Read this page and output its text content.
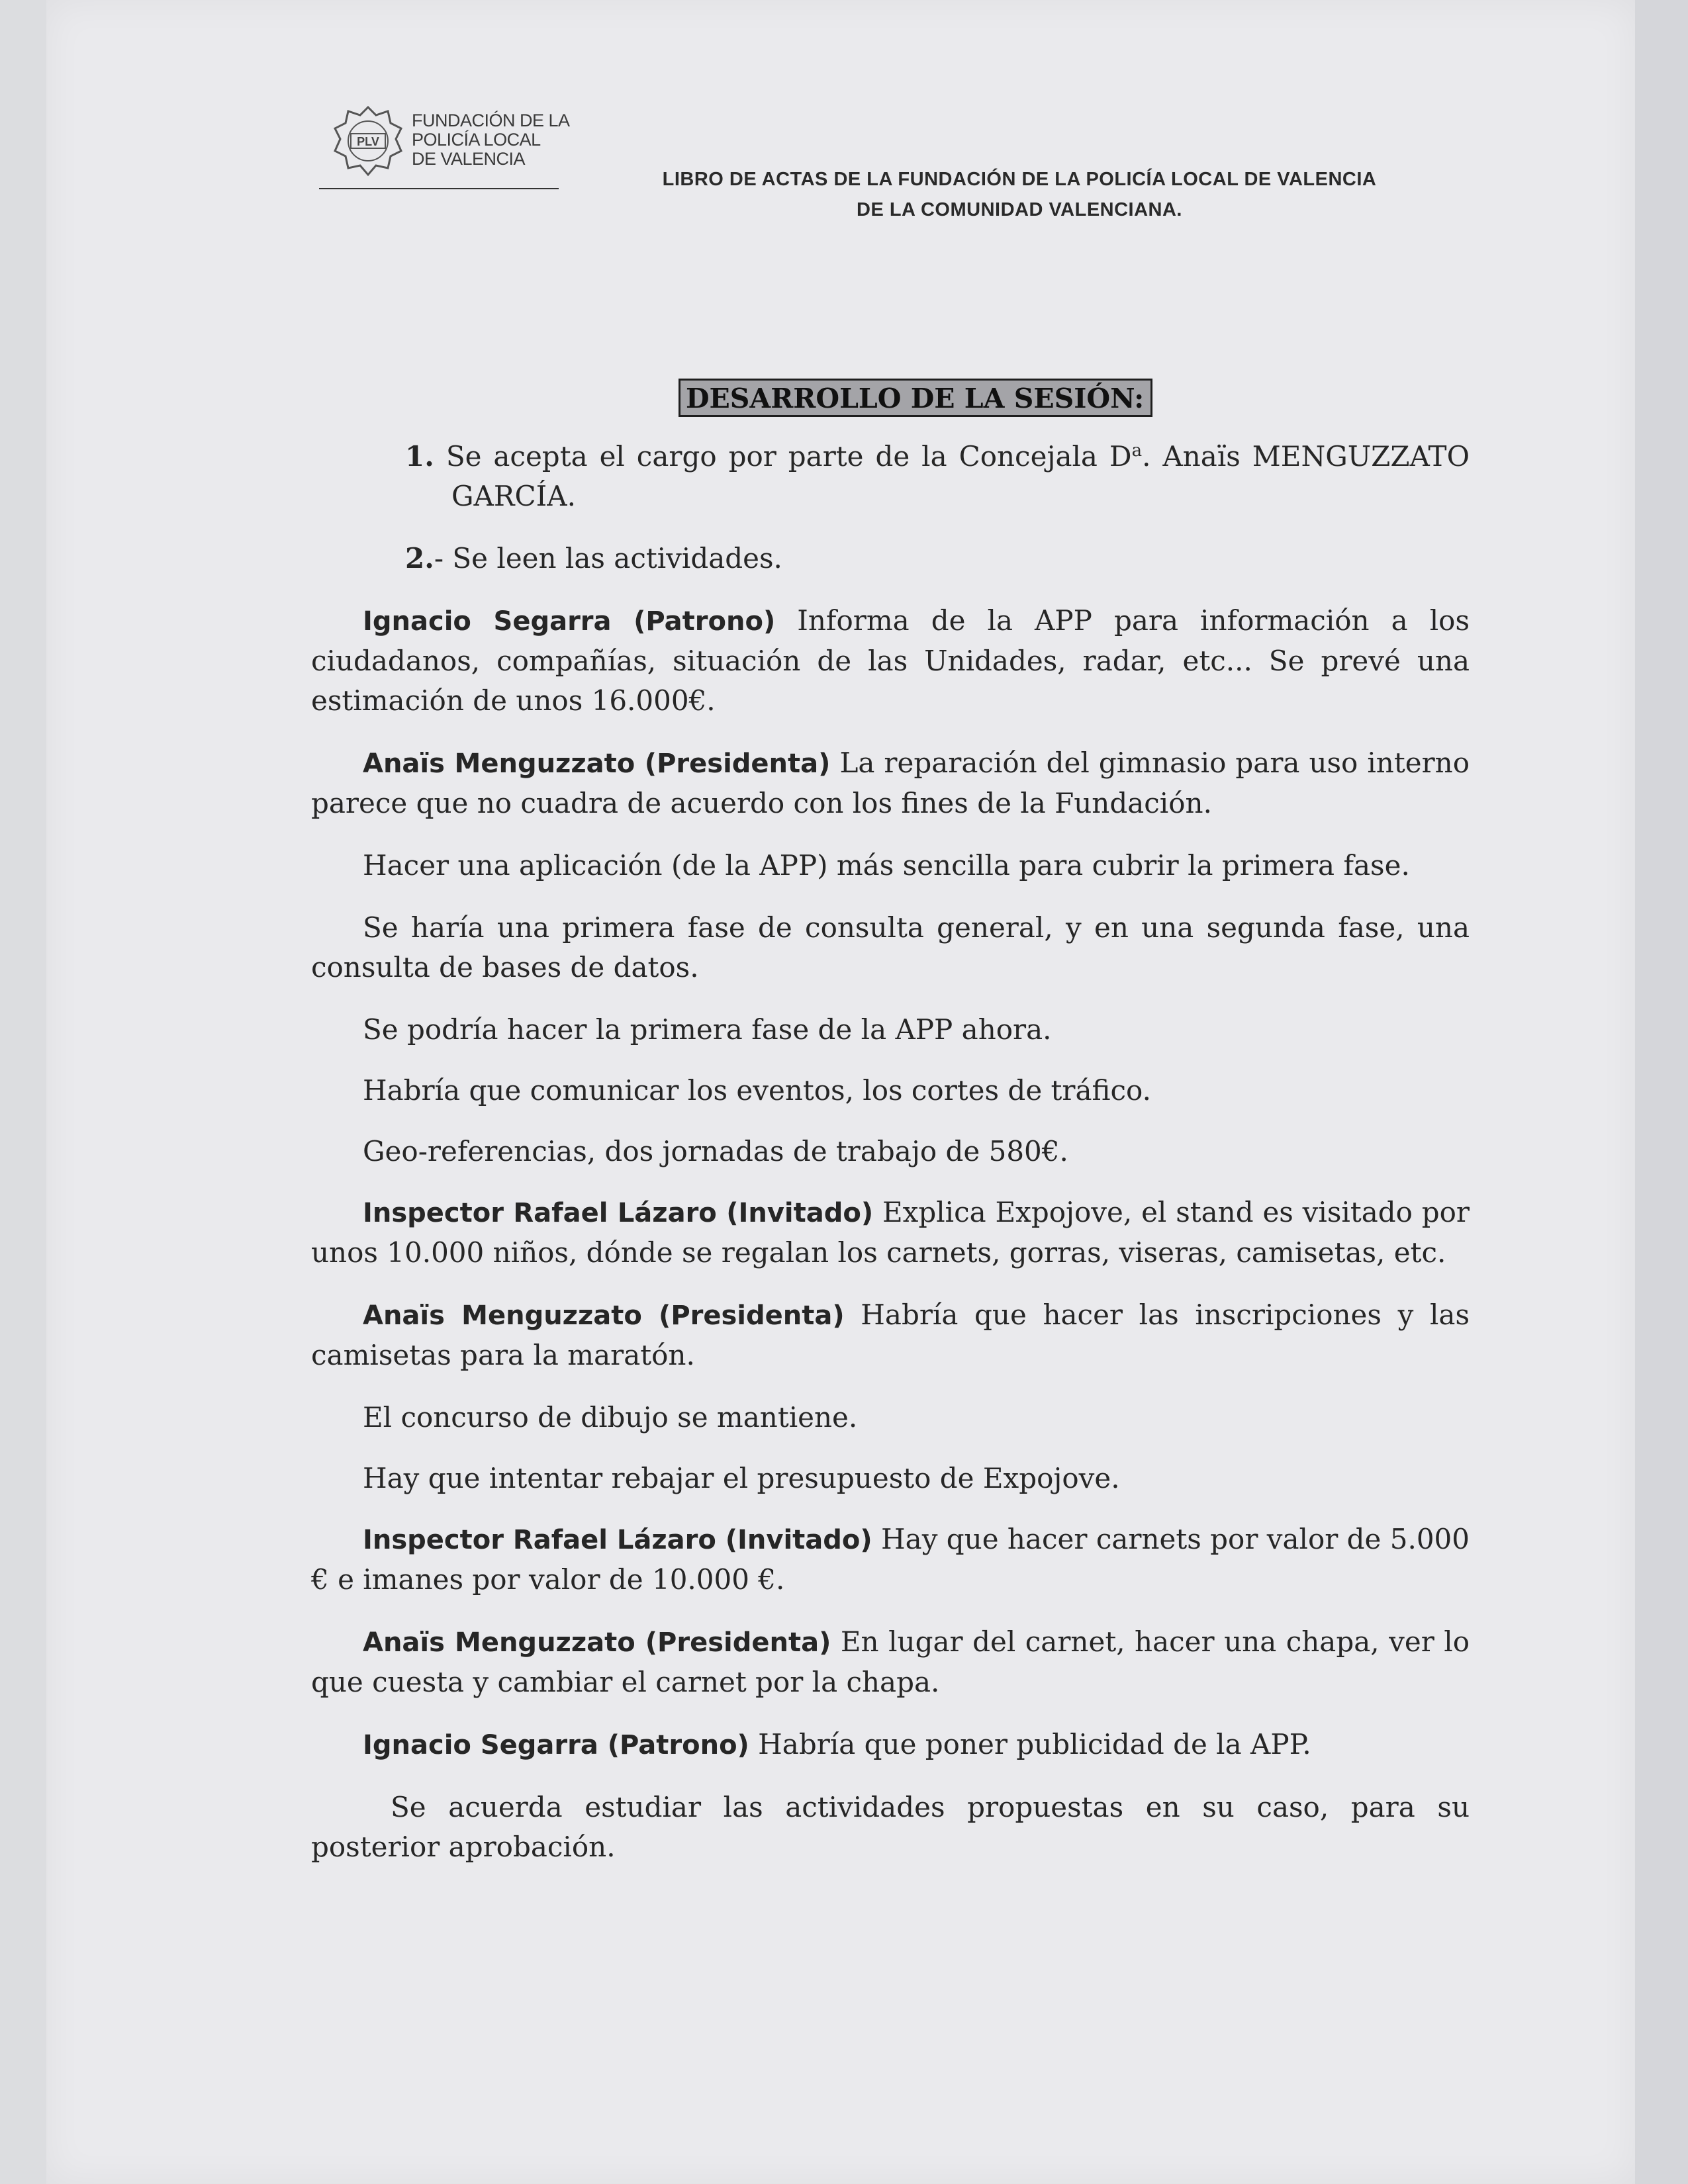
PLV
FUNDACIÓN DE LA
POLICÍA LOCAL
DE VALENCIA
LIBRO DE ACTAS DE LA FUNDACIÓN DE LA POLICÍA LOCAL DE VALENCIA
DE LA COMUNIDAD VALENCIANA.
DESARROLLO DE LA SESIÓN:

1. Se acepta el cargo por parte de la Concejala $D^a$. Anaïs MENGUZZATO GARCÍA.

2.- Se leen las actividades.

Ignacio Segarra (Patrono) Informa de la APP para información a los ciudadanos, compañías, situación de las Unidades, radar, etc... Se prevé una estimación de unos 16.000€.

Anaïs Menguzzato (Presidenta) La reparación del gimnasio para uso interno parece que no cuadra de acuerdo con los fines de la Fundación.

Hacer una aplicación (de la APP) más sencilla para cubrir la primera fase.

Se haría una primera fase de consulta general, y en una segunda fase, una consulta de bases de datos.

Se podría hacer la primera fase de la APP ahora.

Habría que comunicar los eventos, los cortes de tráfico.

Geo-referencias, dos jornadas de trabajo de 580€.

Inspector Rafael Lázaro (Invitado) Explica Expojove, el stand es visitado por unos 10.000 niños, dónde se regalan los carnets, gorras, viseras, camisetas, etc.

Anaïs Menguzzato (Presidenta) Habría que hacer las inscripciones y las camisetas para la maratón.

El concurso de dibujo se mantiene.

Hay que intentar rebajar el presupuesto de Expojove.

Inspector Rafael Lázaro (Invitado) Hay que hacer carnets por valor de 5.000 € e imanes por valor de 10.000 €.

Anaïs Menguzzato (Presidenta) En lugar del carnet, hacer una chapa, ver lo que cuesta y cambiar el carnet por la chapa.

Ignacio Segarra (Patrono) Habría que poner publicidad de la APP.

Se acuerda estudiar las actividades propuestas en su caso, para su posterior aprobación.
